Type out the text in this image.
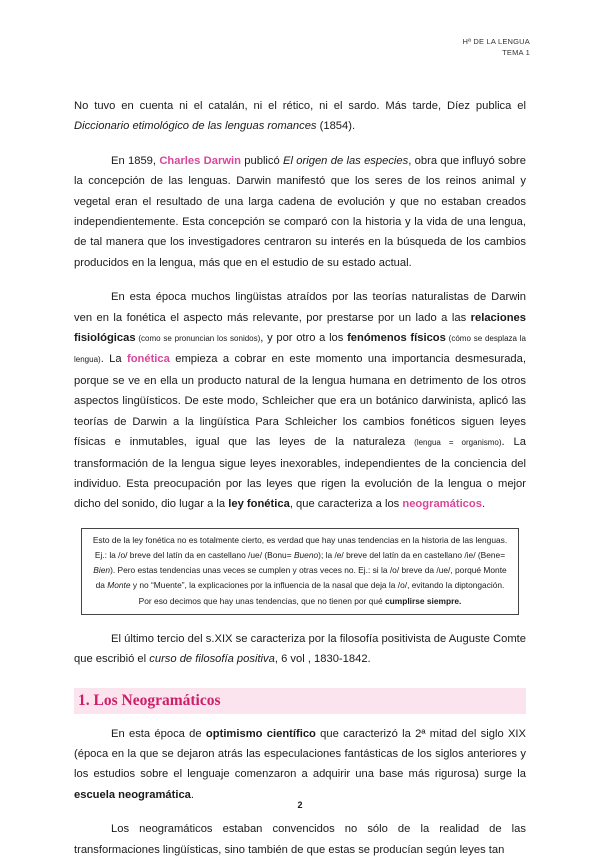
Hª DE LA LENGUA
TEMA 1

No tuvo en cuenta ni el catalán, ni el rético, ni el sardo. Más tarde, Díez publica el Diccionario etimológico de las lenguas romances (1854).

En 1859, Charles Darwin publicó El origen de las especies, obra que influyó sobre la concepción de las lenguas. Darwin manifestó que los seres de los reinos animal y vegetal eran el resultado de una larga cadena de evolución y que no estaban creados independientemente. Esta concepción se comparó con la historia y la vida de una lengua, de tal manera que los investigadores centraron su interés en la búsqueda de los cambios producidos en la lengua, más que en el estudio de su estado actual.

En esta época muchos lingüistas atraídos por las teorías naturalistas de Darwin ven en la fonética el aspecto más relevante, por prestarse por un lado a las relaciones fisiológicas (como se pronuncian los sonidos), y por otro a los fenómenos físicos (cómo se desplaza la lengua). La fonética empieza a cobrar en este momento una importancia desmesurada, porque se ve en ella un producto natural de la lengua humana en detrimento de los otros aspectos lingüísticos. De este modo, Schleicher que era un botánico darwinista, aplicó las teorías de Darwin a la lingüística Para Schleicher los cambios fonéticos siguen leyes físicas e inmutables, igual que las leyes de la naturaleza (lengua = organismo). La transformación de la lengua sigue leyes inexorables, independientes de la conciencia del individuo. Esta preocupación por las leyes que rigen la evolución de la lengua o mejor dicho del sonido, dio lugar a la ley fonética, que caracteriza a los neogramáticos.

Esto de la ley fonética no es totalmente cierto, es verdad que hay unas tendencias en la historia de las lenguas. Ej.: la /o/ breve del latín da en castellano /ue/ (Bonu= Bueno); la /e/ breve del latín da en castellano /ie/ (Bene= Bien). Pero estas tendencias unas veces se cumplen y otras veces no. Ej.: si la /o/ breve da /ue/, porqué Monte da Monte y no “Muente”, la explicaciones por la influencia de la nasal que deja la /o/, evitando la diptongación. Por eso decimos que hay unas tendencias, que no tienen por qué cumplirse siempre.

El último tercio del s.XIX se caracteriza por la filosofía positivista de Auguste Comte que escribió el curso de filosofía positiva, 6 vol , 1830-1842.

1. Los Neogramáticos

En esta época de optimismo científico que caracterizó la 2ª mitad del siglo XIX (época en la que se dejaron atrás las especulaciones fantásticas de los siglos anteriores y los estudios sobre el lenguaje comenzaron a adquirir una base más rigurosa) surge la escuela neogramática.

Los neogramáticos estaban convencidos no sólo de la realidad de las transformaciones lingüísticas, sino también de que estas se producían según leyes tan

2
